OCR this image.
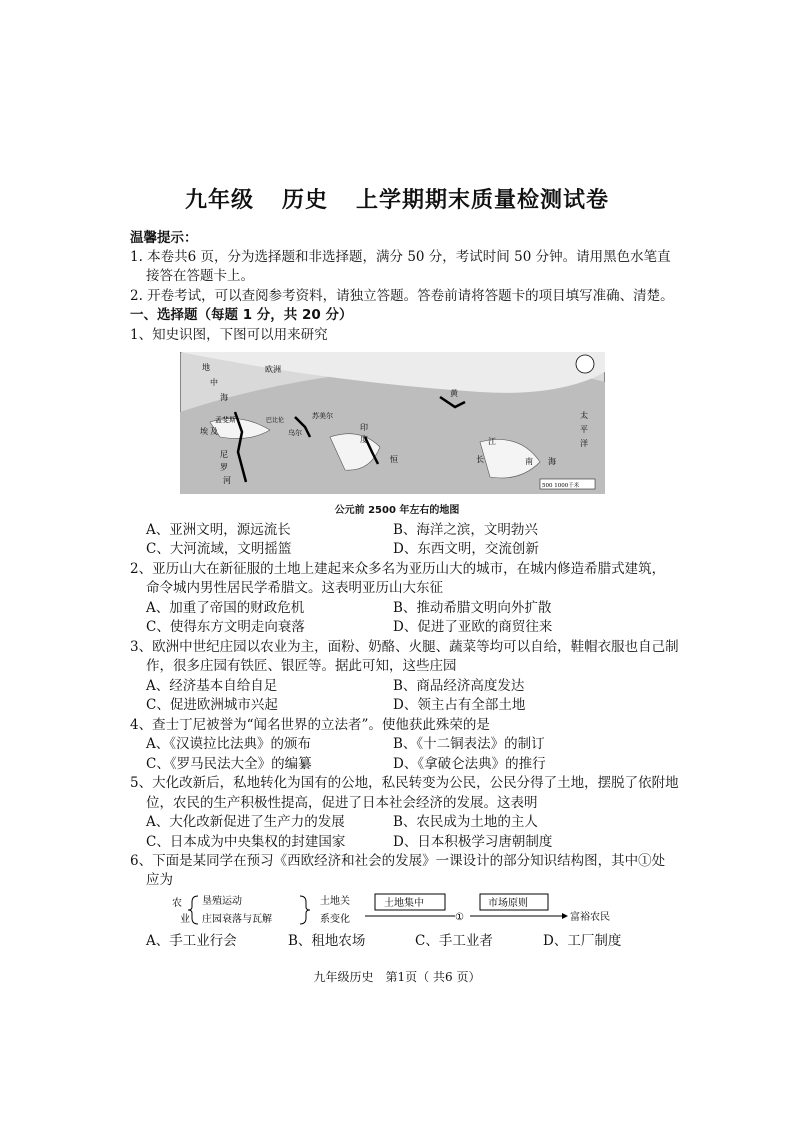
九年级 历史 上学期期末质量检测试卷
温馨提示：
1. 本卷共6 页，分为选择题和非选择题，满分 50 分，考试时间 50 分钟。请用黑色水笔直
接答在答题卡上。
2. 开卷考试，可以查阅参考资料，请独立答题。答卷前请将答题卡的项目填写准确、清楚。
一、选择题（每题 1 分，共 20 分）
1、知史识图，下图可以用来研究
欧洲
地
中
海
孟斐斯
埃 及
尼
罗
河
乌尔
苏美尔
巴比伦
印
度
恒
黄
江
长
太
平
洋
南 海
500 1000千米
公元前 2500 年左右的地图
A、亚洲文明，源远流长	B、海洋之滨，文明勃兴
C、大河流域，文明摇篮	D、东西文明，交流创新
2、亚历山大在新征服的土地上建起来众多名为亚历山大的城市，在城内修造希腊式建筑，
命令城内男性居民学希腊文。这表明亚历山大东征
A、加重了帝国的财政危机	B、推动希腊文明向外扩散
C、使得东方文明走向衰落	D、促进了亚欧的商贸往来
3、欧洲中世纪庄园以农业为主，面粉、奶酪、火腿、蔬菜等均可以自给，鞋帽衣服也自己制
作，很多庄园有铁匠、银匠等。据此可知，这些庄园
A、经济基本自给自足	B、商品经济高度发达
C、促进欧洲城市兴起	D、领主占有全部土地
4、查士丁尼被誉为“闻名世界的立法者”。使他获此殊荣的是
A、《汉谟拉比法典》的颁布	B、《十二铜表法》的制订
C、《罗马民法大全》的编纂	D、《拿破仑法典》的推行
5、大化改新后，私地转化为国有的公地，私民转变为公民，公民分得了土地，摆脱了依附地
位，农民的生产积极性提高，促进了日本社会经济的发展。这表明
A、大化改新促进了生产力的发展	B、农民成为土地的主人
C、日本成为中央集权的封建国家	D、日本积极学习唐朝制度
6、下面是某同学在预习《西欧经济和社会的发展》一课设计的部分知识结构图，其中①处
应为
农
业
垦殖运动
庄园衰落与瓦解
土地关
系变化
土地集中
①
市场原则
富裕农民
A、手工业行会	B、租地农场	C、手工业者	D、工厂制度
九年级历史　第1页（ 共6 页）
